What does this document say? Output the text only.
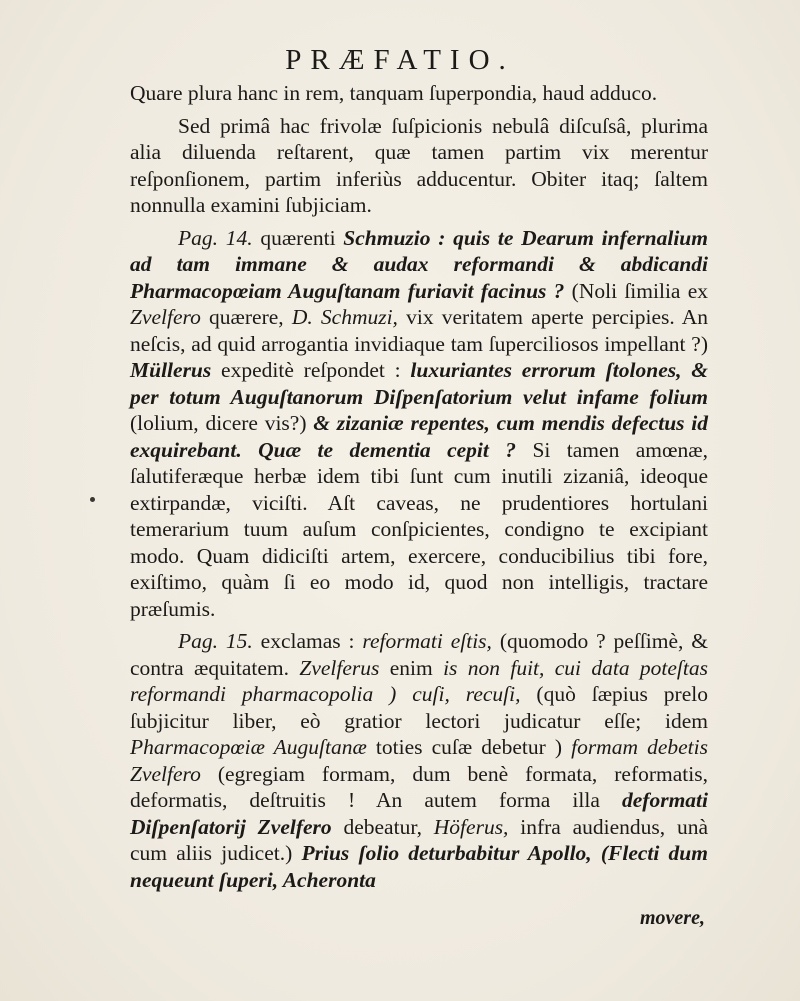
PRÆFATIO.

Quare plura hanc in rem, tanquam ſuperpondia, haud adduco.

Sed primâ hac frivolæ ſuſpicionis nebulâ diſcuſsâ, plurima alia diluenda reſtarent, quæ tamen partim vix merentur reſponſionem, partim inferiùs adducentur. Obiter itaq; ſaltem nonnulla examini ſubjiciam.

Pag. 14. quærenti Schmuzio : quis te Dearum infernalium ad tam immane & audax reformandi & abdicandi Pharmacopœiam Auguſtanam furiavit facinus ? (Noli ſimilia ex Zvelfero quærere, D. Schmuzi, vix veritatem aperte percipies. An neſcis, ad quid arrogantia invidiaque tam ſuperciliosos impellant ?) Müllerus expeditè reſpondet : luxuriantes errorum ſtolones, & per totum Auguſtanorum Diſpenſatorium velut infame folium (lolium, dicere vis?) & zizaniæ repentes, cum mendis defectus id exquirebant. Quæ te dementia cepit ? Si tamen amœnæ, ſalutiferæque herbæ idem tibi ſunt cum inutili zizaniâ, ideoque extirpandæ, viciſti. Aſt caveas, ne prudentiores hortulani temerarium tuum auſum conſpicientes, condigno te excipiant modo. Quam didiciſti artem, exercere, conducibilius tibi fore, exiſtimo, quàm ſi eo modo id, quod non intelligis, tractare præſumis.

Pag. 15. exclamas : reformati eſtis, (quomodo ? peſſimè, & contra æquitatem. Zvelferus enim is non fuit, cui data poteſtas reformandi pharmacopolia ) cuſi, recuſi, (quò ſæpius prelo ſubjicitur liber, eò gratior lectori judicatur eſſe; idem Pharmacopœiæ Auguſtanæ toties cuſæ debetur ) formam debetis Zvelfero (egregiam formam, dum benè formata, reformatis, deformatis, deſtruitis ! An autem forma illa deformati Diſpenſatorij Zvelfero debeatur, Höferus, infra audiendus, unà cum aliis judicet.) Prius ſolio deturbabitur Apollo, (Flecti dum nequeunt ſuperi, Acheronta

movere,
